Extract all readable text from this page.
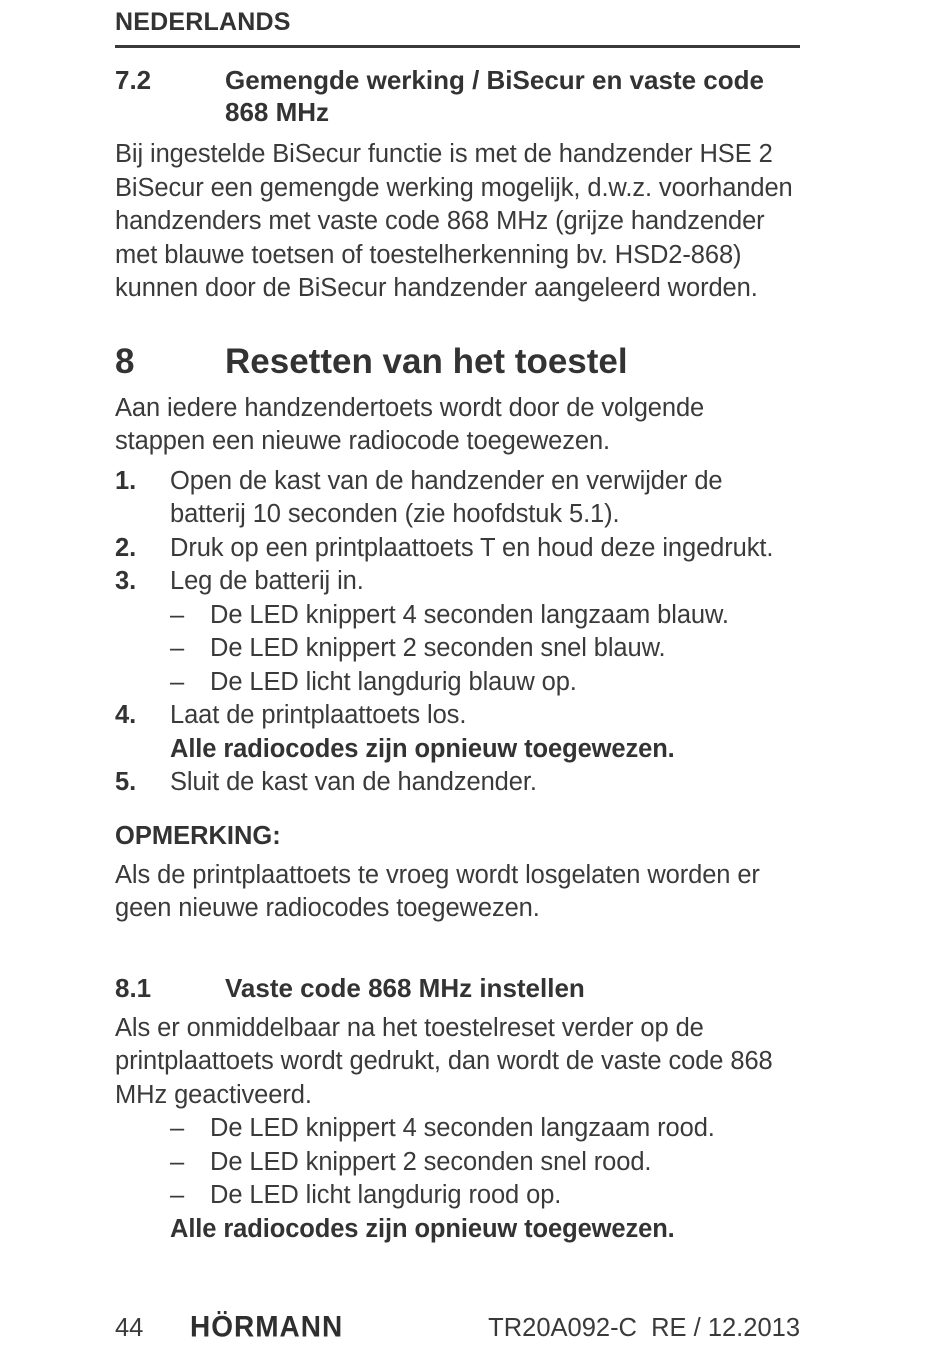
NEDERLANDS
7.2	Gemengde werking / BiSecur en vaste code 868 MHz

Bij ingestelde BiSecur functie is met de handzender HSE 2 BiSecur een gemengde werking mogelijk, d.w.z. voorhanden handzenders met vaste code 868 MHz (grijze handzender met blauwe toetsen of toestelherkenning bv. HSD2-868) kunnen door de BiSecur handzender aangeleerd worden.

8	Resetten van het toestel

Aan iedere handzendertoets wordt door de volgende stappen een nieuwe radiocode toegewezen.

1.	Open de kast van de handzender en verwijder de batterij 10 seconden (zie hoofdstuk 5.1).
2.	Druk op een printplaattoets T en houd deze ingedrukt.
3.	Leg de batterij in.
–	De LED knippert 4 seconden langzaam blauw.
–	De LED knippert 2 seconden snel blauw.
–	De LED licht langdurig blauw op.
4.	Laat de printplaattoets los.
Alle radiocodes zijn opnieuw toegewezen.
5.	Sluit de kast van de handzender.
OPMERKING:

Als de printplaattoets te vroeg wordt losgelaten worden er geen nieuwe radiocodes toegewezen.

8.1	Vaste code 868 MHz instellen

Als er onmiddelbaar na het toestelreset verder op de printplaattoets wordt gedrukt, dan wordt de vaste code 868 MHz geactiveerd.

–	De LED knippert 4 seconden langzaam rood.
–	De LED knippert 2 seconden snel rood.
–	De LED licht langdurig rood op.
Alle radiocodes zijn opnieuw toegewezen.
44	HÖRMANN	TR20A092-C  RE / 12.2013
